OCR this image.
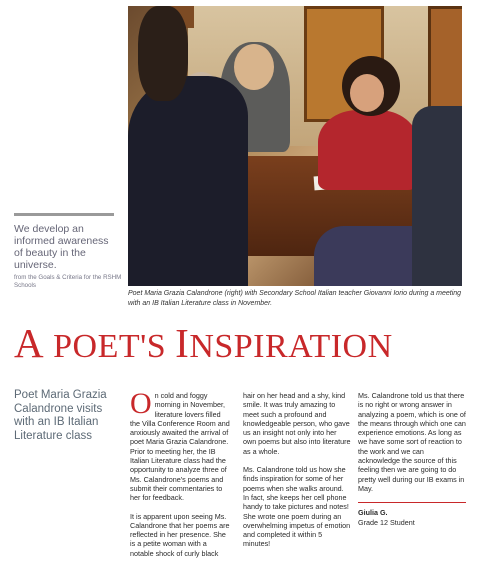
Poet Maria Grazia Calandrone (right) with Secondary School Italian teacher Giovanni Iorio during a meeting with an IB Italian Literature class in November.
We develop an informed awareness of beauty in the universe.
from the Goals & Criteria for the RSHM Schools
A POET'S INSPIRATION
Poet Maria Grazia Calandrone visits with an IB Italian Literature class

On cold and foggy morning in November, literature lovers filled the Villa Conference Room and anxiously awaited the arrival of poet Maria Grazia Calandrone. Prior to meeting her, the IB Italian Literature class had the opportunity to analyze three of Ms. Calandrone's poems and submit their commentaries to her for feedback.

It is apparent upon seeing Ms. Calandrone that her poems are reflected in her presence. She is a petite woman with a notable shock of curly black

hair on her head and a shy, kind smile. It was truly amazing to meet such a profound and knowledgeable person, who gave us an insight not only into her own poems but also into literature as a whole.

Ms. Calandrone told us how she finds inspiration for some of her poems when she walks around. In fact, she keeps her cell phone handy to take pictures and notes! She wrote one poem during an overwhelming impetus of emotion and completed it within 5 minutes!

Ms. Calandrone told us that there is no right or wrong answer in analyzing a poem, which is one of the means through which one can experience emotions. As long as we have some sort of reaction to the work and we can acknowledge the source of this feeling then we are going to do pretty well during our IB exams in May.

Giulia G.
Grade 12 Student
